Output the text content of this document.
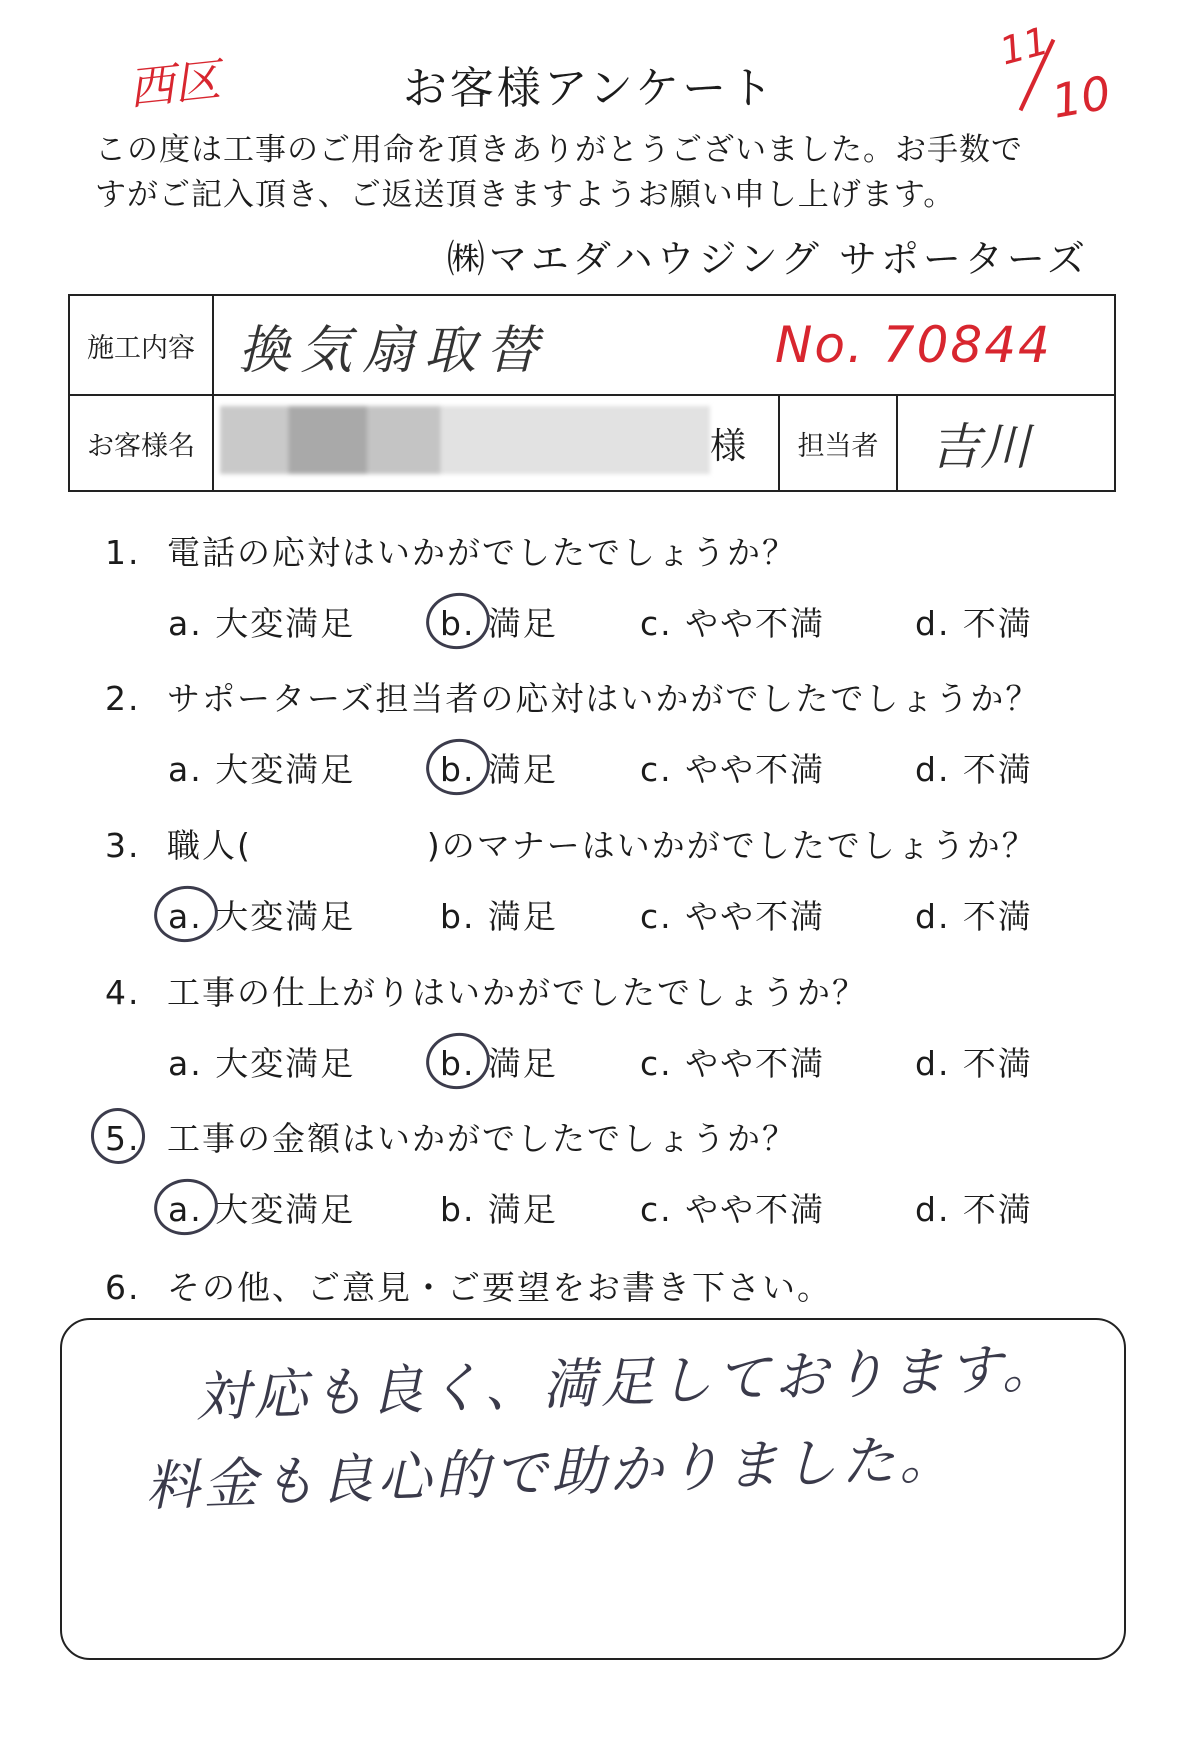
西区	お客様アンケート
11
10
この度は工事のご用命を頂きありがとうございました。お手数で
すがご記入頂き、ご返送頂きますようお願い申し上げます。
㈱マエダハウジング サポーターズ
施工内容 換気扇取替	No. 70844
お客様名	様	担当者	吉川
1. 電話の応対はいかがでしたでしょうか？
a. 大変満足	b. 満足 c. やや不満	d. 不満
2. サポーターズ担当者の応対はいかがでしたでしょうか？
a. 大変満足	b. 満足 c. やや不満	d. 不満
3. 職人(　　　　　)のマナーはいかがでしたでしょうか？
a. 大変満足	b. 満足 c. やや不満	d. 不満
4. 工事の仕上がりはいかがでしたでしょうか？
a. 大変満足	b. 満足 c. やや不満	d. 不満
5. 工事の金額はいかがでしたでしょうか？
a. 大変満足	b. 満足 c. やや不満	d. 不満
6. その他、ご意見・ご要望をお書き下さい。
対応も良く、満足しております。
料金も良心的で助かりました。
